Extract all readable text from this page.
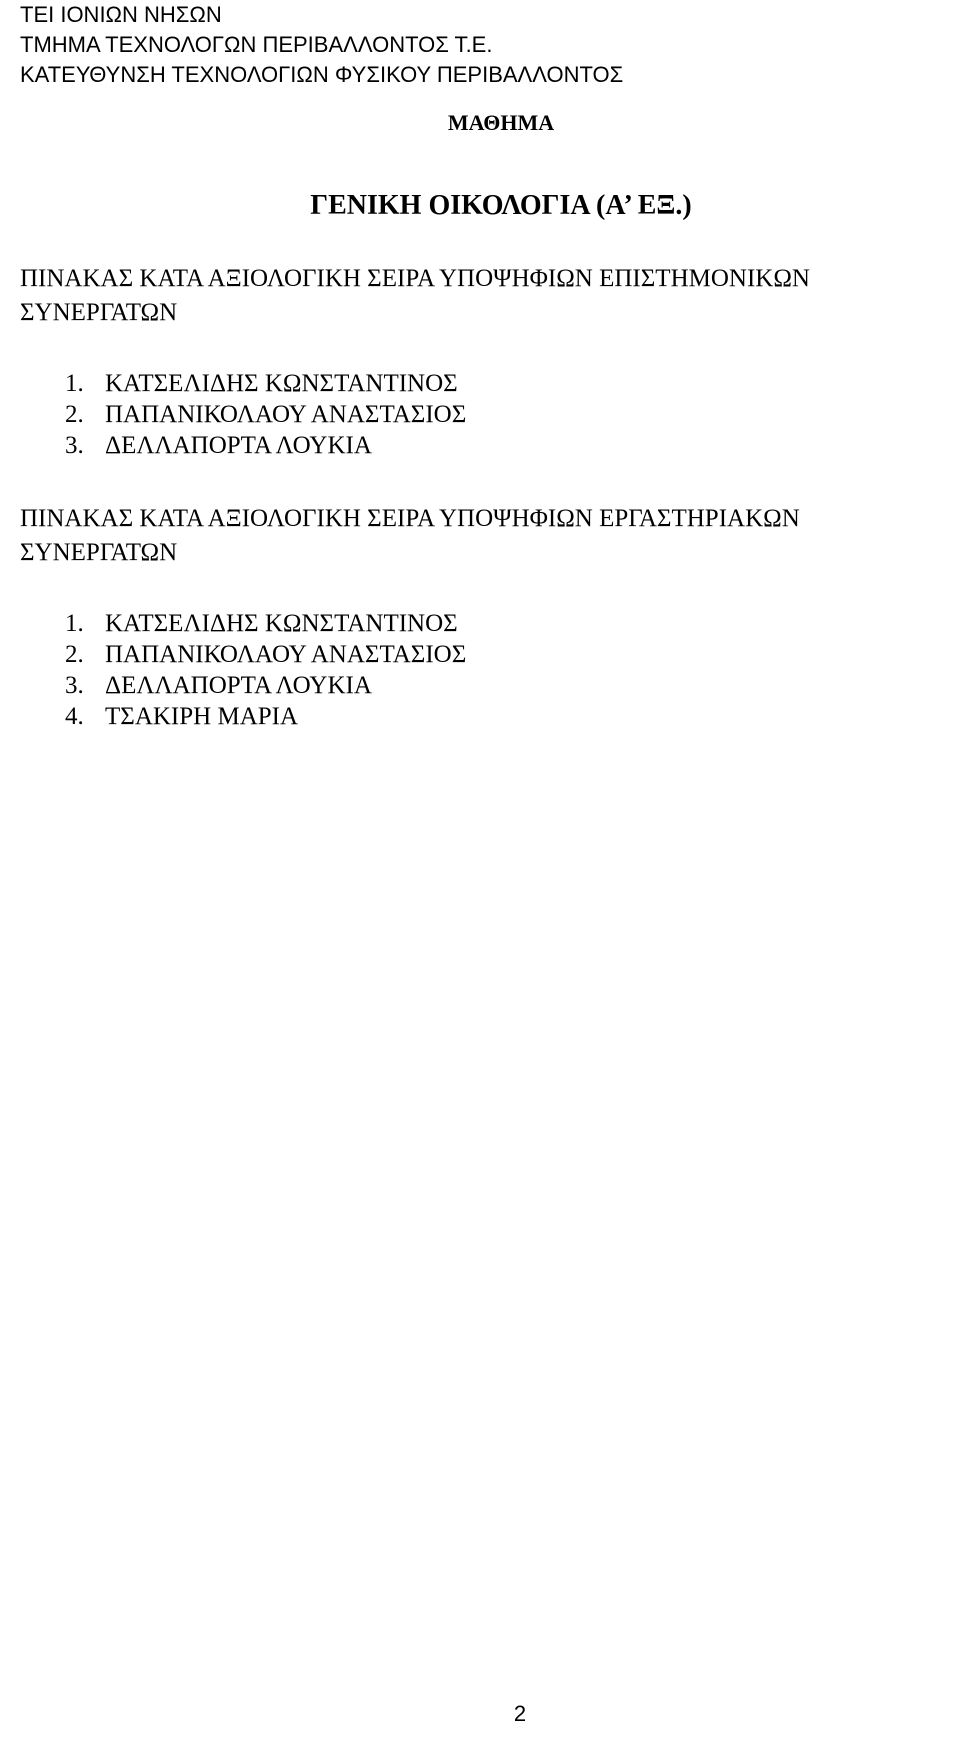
ΤΕΙ ΙΟΝΙΩΝ ΝΗΣΩΝ
ΤΜΗΜΑ ΤΕΧΝΟΛΟΓΩΝ ΠΕΡΙΒΑΛΛΟΝΤΟΣ Τ.Ε.
ΚΑΤΕΥΘΥΝΣΗ ΤΕΧΝΟΛΟΓΙΩΝ ΦΥΣΙΚΟΥ ΠΕΡΙΒΑΛΛΟΝΤΟΣ
ΜΑΘΗΜΑ
ΓΕΝΙΚΗ ΟΙΚΟΛΟΓΙΑ (Α’ ΕΞ.)
ΠΙΝΑΚΑΣ ΚΑΤΑ ΑΞΙΟΛΟΓΙΚΗ ΣΕΙΡΑ ΥΠΟΨΗΦΙΩΝ ΕΠΙΣΤΗΜΟΝΙΚΩΝ ΣΥΝΕΡΓΑΤΩΝ
1. ΚΑΤΣΕΛΙΔΗΣ ΚΩΝΣΤΑΝΤΙΝΟΣ
2. ΠΑΠΑΝΙΚΟΛΑΟΥ ΑΝΑΣΤΑΣΙΟΣ
3. ΔΕΛΛΑΠΟΡΤΑ ΛΟΥΚΙΑ
ΠΙΝΑΚΑΣ ΚΑΤΑ ΑΞΙΟΛΟΓΙΚΗ ΣΕΙΡΑ ΥΠΟΨΗΦΙΩΝ ΕΡΓΑΣΤΗΡΙΑΚΩΝ ΣΥΝΕΡΓΑΤΩΝ
1. ΚΑΤΣΕΛΙΔΗΣ ΚΩΝΣΤΑΝΤΙΝΟΣ
2. ΠΑΠΑΝΙΚΟΛΑΟΥ ΑΝΑΣΤΑΣΙΟΣ
3. ΔΕΛΛΑΠΟΡΤΑ ΛΟΥΚΙΑ
4. ΤΣΑΚΙΡΗ ΜΑΡΙΑ
2
